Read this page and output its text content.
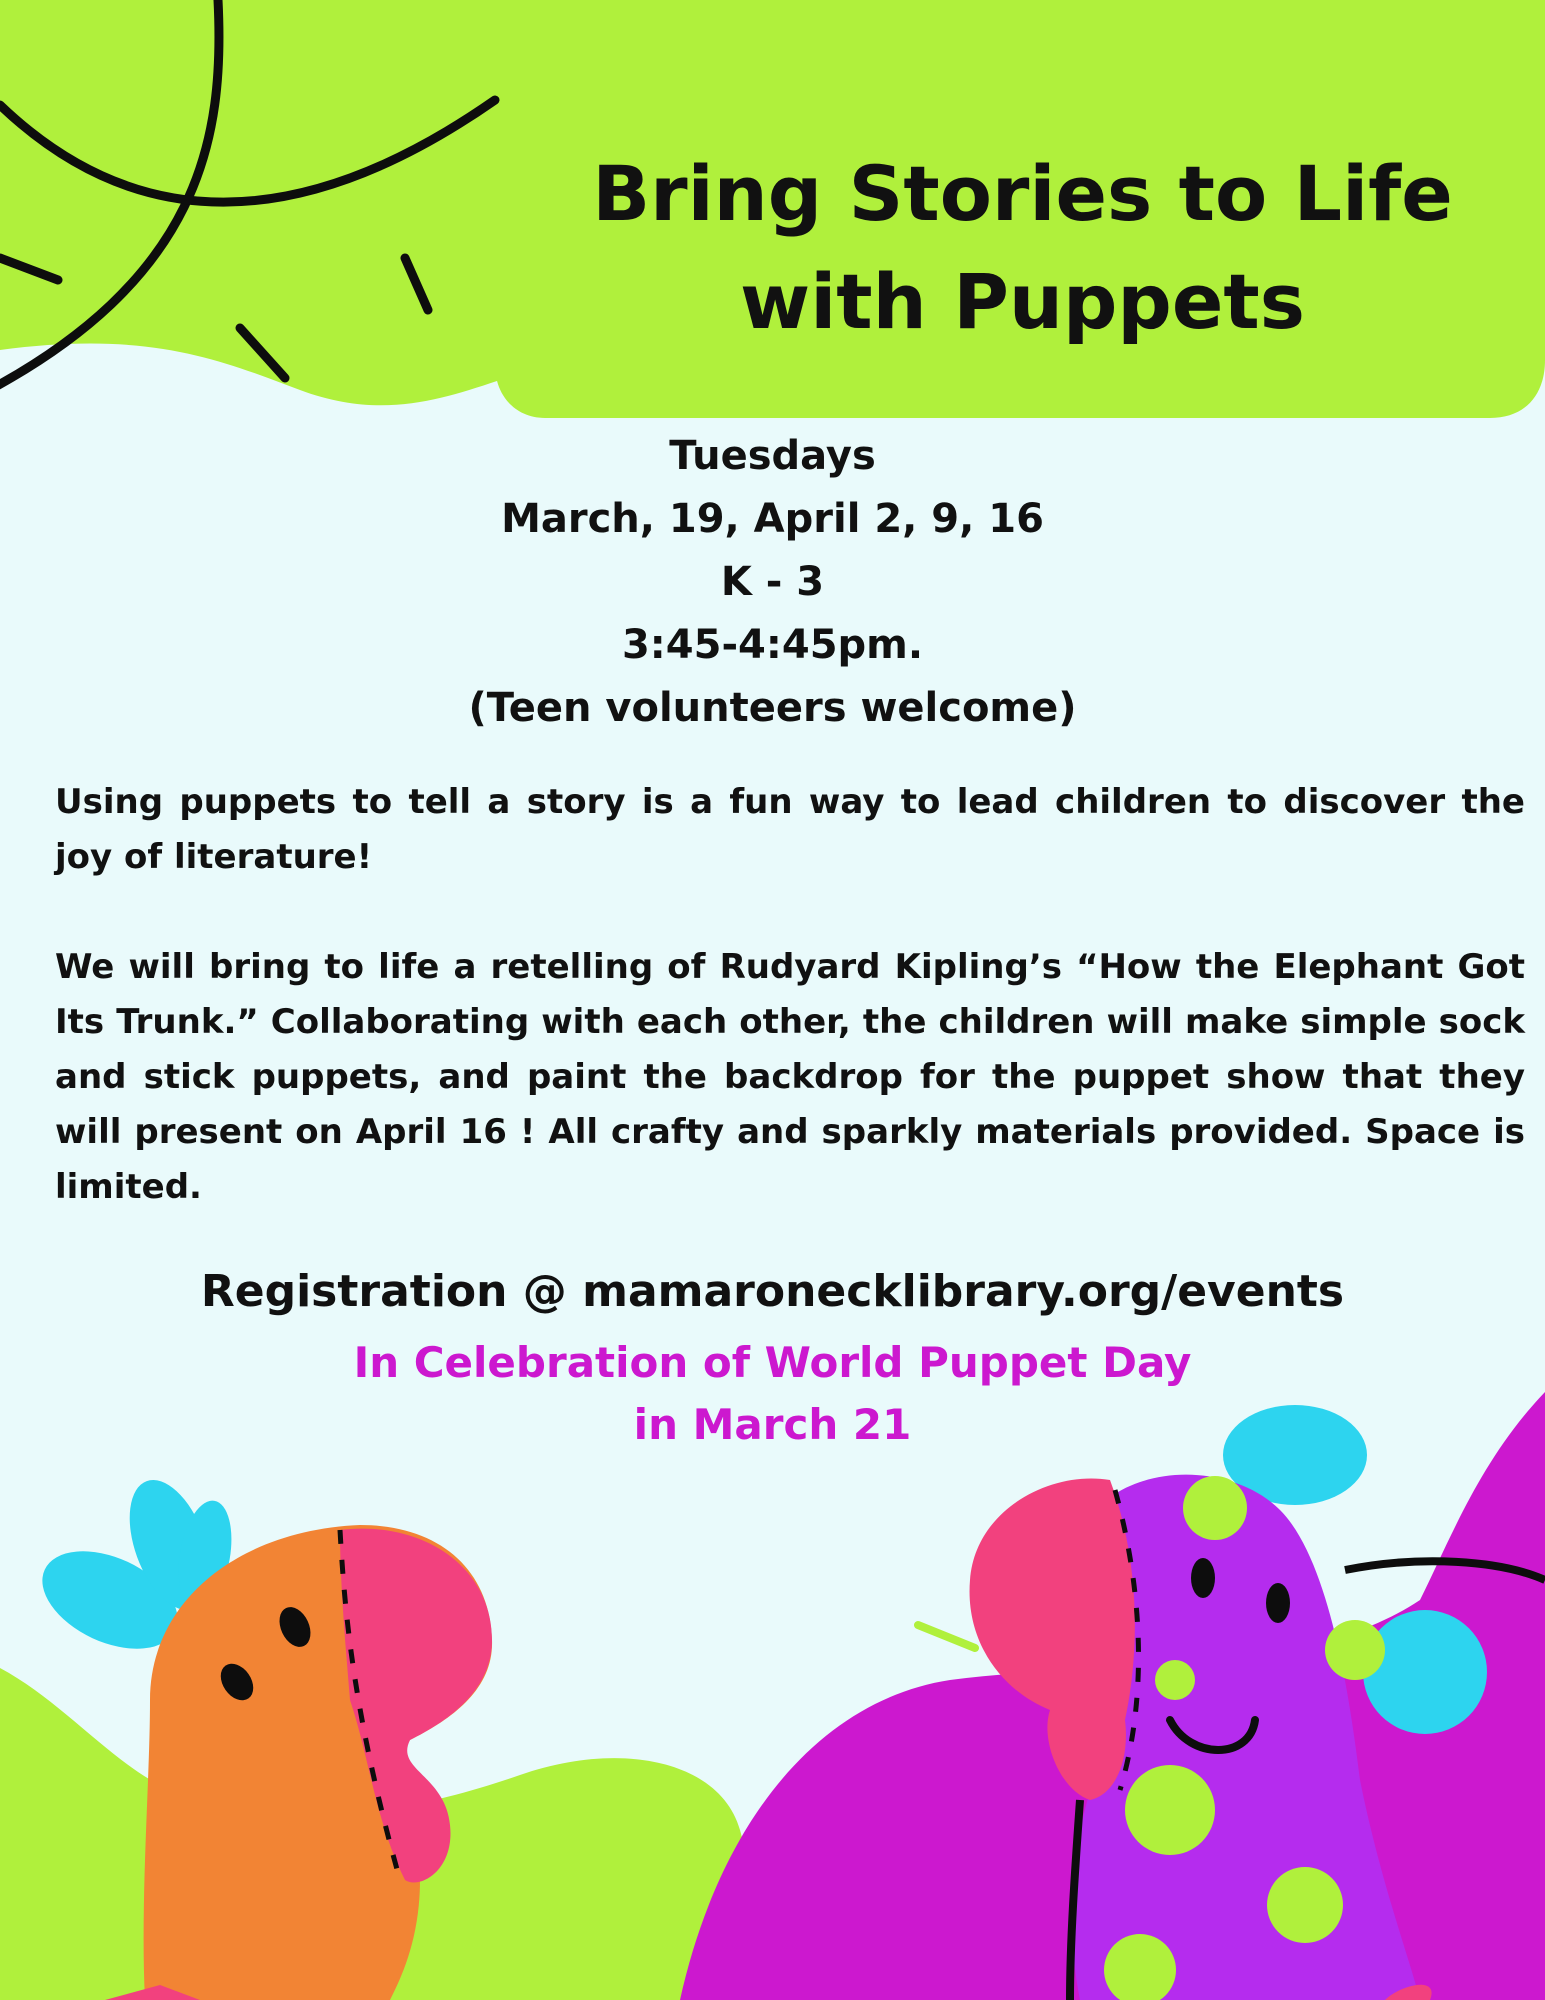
Bring Stories to Life
with Puppets
Tuesdays
March, 19, April 2, 9, 16
K - 3
3:45-4:45pm.
(Teen volunteers welcome)

Using puppets to tell a story is a fun way to lead children to discover the joy of literature!

We will bring to life a retelling of Rudyard Kipling’s “How the Elephant Got Its Trunk.” Collaborating with each other, the children will make simple sock and stick puppets, and paint the backdrop for the puppet show that they will present on April 16 ! All crafty and sparkly materials provided. Space is limited.

Registration @ mamaronecklibrary.org/events
In Celebration of World Puppet Day
in March 21
